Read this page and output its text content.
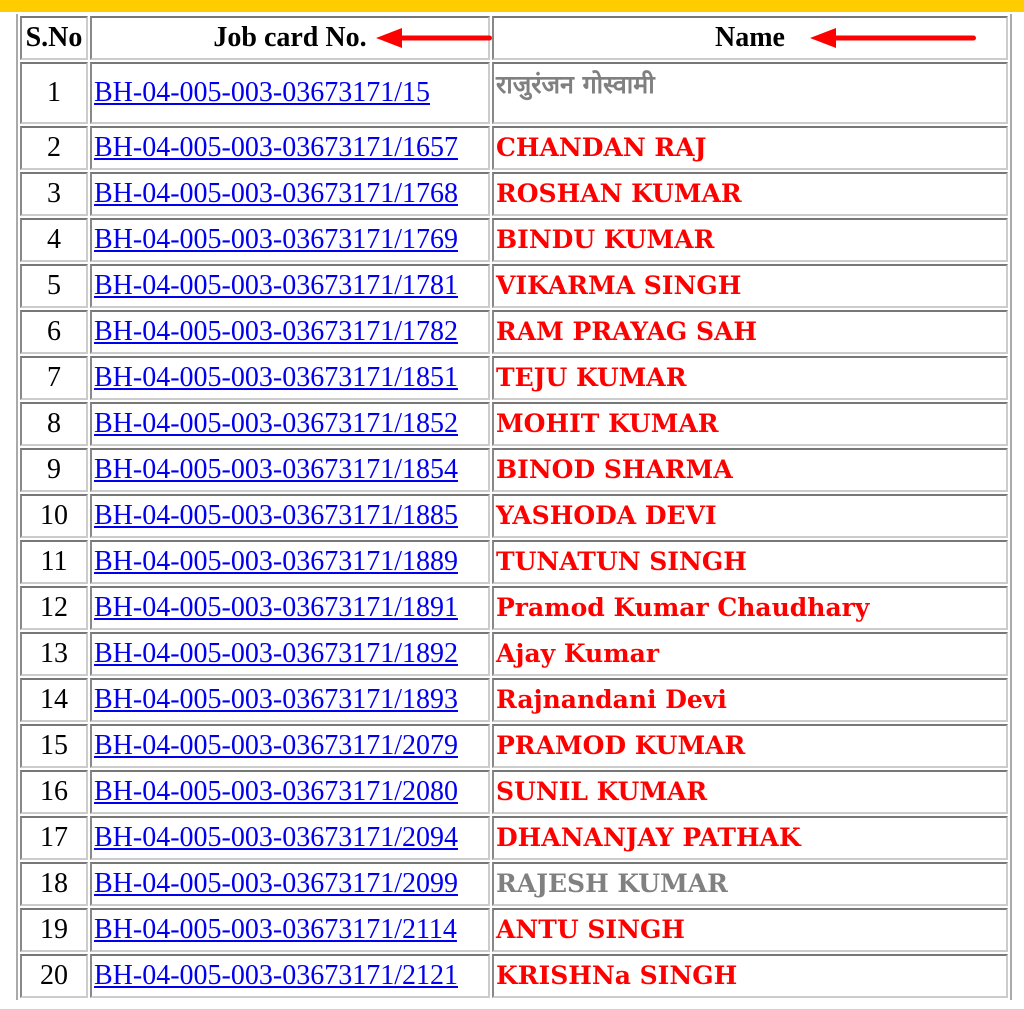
S.No	Job card No.	Name

1	BH-04-005-003-03673171/15	राजुरंजन गोस्वामी
2	BH-04-005-003-03673171/1657	CHANDAN RAJ
3	BH-04-005-003-03673171/1768	ROSHAN KUMAR
4	BH-04-005-003-03673171/1769	BINDU KUMAR
5	BH-04-005-003-03673171/1781	VIKARMA SINGH
6	BH-04-005-003-03673171/1782	RAM PRAYAG SAH
7	BH-04-005-003-03673171/1851	TEJU KUMAR
8	BH-04-005-003-03673171/1852	MOHIT KUMAR
9	BH-04-005-003-03673171/1854	BINOD SHARMA
10	BH-04-005-003-03673171/1885	YASHODA DEVI
11	BH-04-005-003-03673171/1889	TUNATUN SINGH
12	BH-04-005-003-03673171/1891	Pramod Kumar Chaudhary
13	BH-04-005-003-03673171/1892	Ajay Kumar
14	BH-04-005-003-03673171/1893	Rajnandani Devi
15	BH-04-005-003-03673171/2079	PRAMOD KUMAR
16	BH-04-005-003-03673171/2080	SUNIL KUMAR
17	BH-04-005-003-03673171/2094	DHANANJAY PATHAK
18	BH-04-005-003-03673171/2099	RAJESH KUMAR
19	BH-04-005-003-03673171/2114	ANTU SINGH
20	BH-04-005-003-03673171/2121	KRISHNa SINGH
